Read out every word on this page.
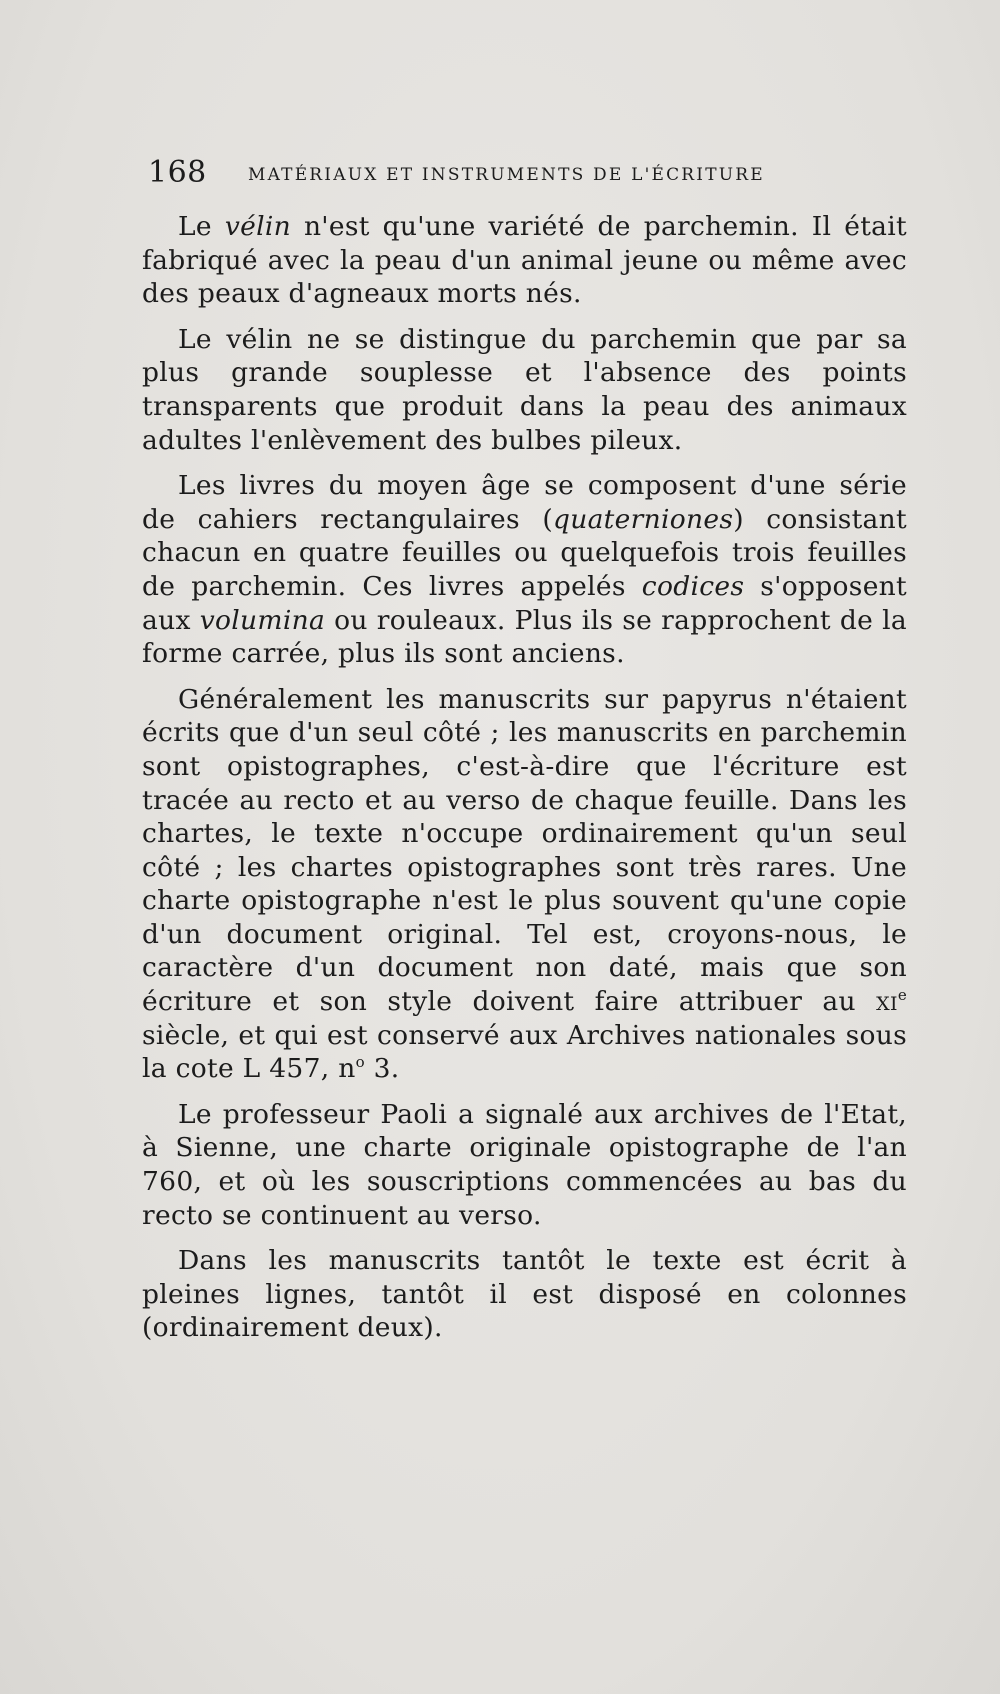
168 MATÉRIAUX ET INSTRUMENTS DE L'ÉCRITURE

Le vélin n'est qu'une variété de parchemin. Il était fabriqué avec la peau d'un animal jeune ou même avec des peaux d'agneaux morts nés.

Le vélin ne se distingue du parchemin que par sa plus grande souplesse et l'absence des points transparents que produit dans la peau des animaux adultes l'enlèvement des bulbes pileux.

Les livres du moyen âge se composent d'une série de cahiers rectangulaires (quaterniones) consistant chacun en quatre feuilles ou quelquefois trois feuilles de parchemin. Ces livres appelés codices s'opposent aux volumina ou rouleaux. Plus ils se rapprochent de la forme carrée, plus ils sont anciens.

Généralement les manuscrits sur papyrus n'étaient écrits que d'un seul côté ; les manuscrits en parchemin sont opistographes, c'est-à-dire que l'écriture est tracée au recto et au verso de chaque feuille. Dans les chartes, le texte n'occupe ordinairement qu'un seul côté ; les chartes opistographes sont très rares. Une charte opistographe n'est le plus souvent qu'une copie d'un document original. Tel est, croyons-nous, le caractère d'un document non daté, mais que son écriture et son style doivent faire attribuer au $xi^e$ siècle, et qui est conservé aux Archives nationales sous la cote L 457, $n^o$ 3.

Le professeur Paoli a signalé aux archives de l'Etat, à Sienne, une charte originale opistographe de l'an 760, et où les souscriptions commencées au bas du recto se continuent au verso.

Dans les manuscrits tantôt le texte est écrit à pleines lignes, tantôt il est disposé en colonnes (ordinairement deux).
